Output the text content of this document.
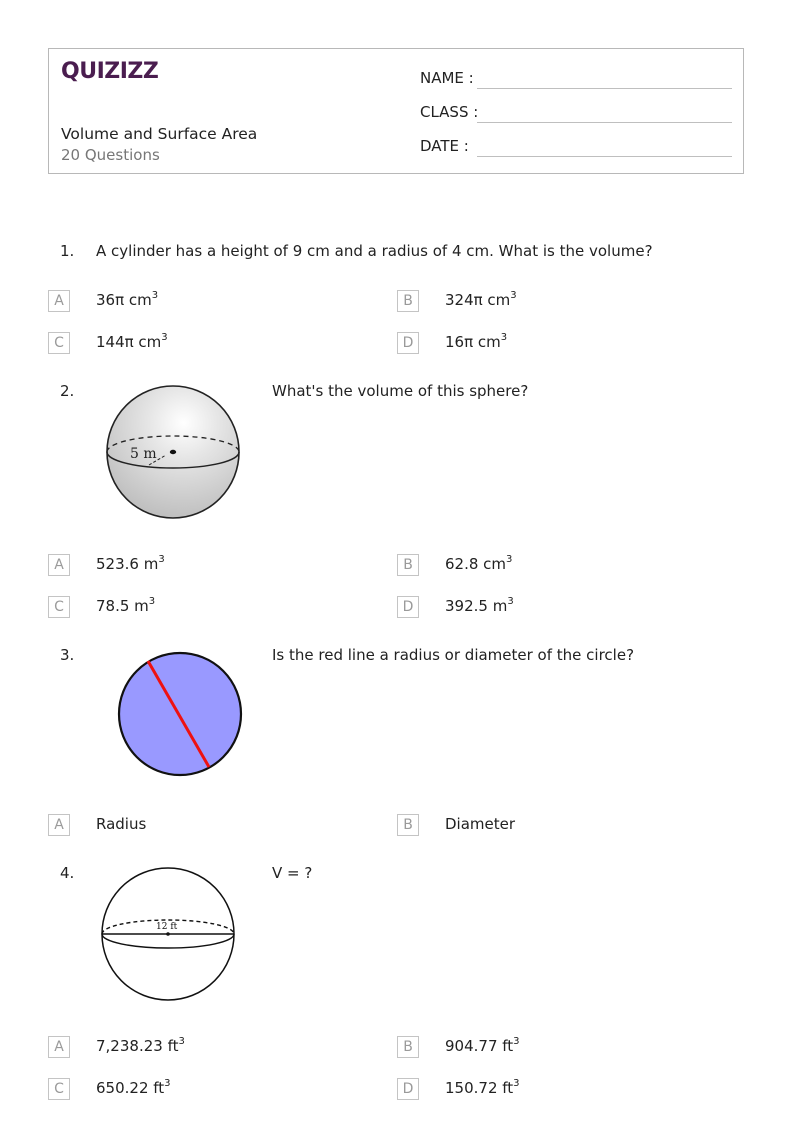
QUIZIZZ
Volume and Surface Area
20 Questions
NAME :
CLASS :
DATE :
1. A cylinder has a height of 9 cm and a radius of 4 cm. What is the volume?
A	36π $cm^3$	B	324π $cm^3$
C	144π $cm^3$	D	16π $cm^3$
2.	What's the volume of this sphere?
5 m
A	523.6 $m^3$	B	62.8 $cm^3$
C	78.5 $m^3$	D	392.5 $m^3$
3.	Is the red line a radius or diameter of the circle?
A	Radius	B	Diameter
4.	V = ?
12 ft
A	7,238.23 $ft^3$	B	904.77 $ft^3$
C	650.22 $ft^3$	D	150.72 $ft^3$
